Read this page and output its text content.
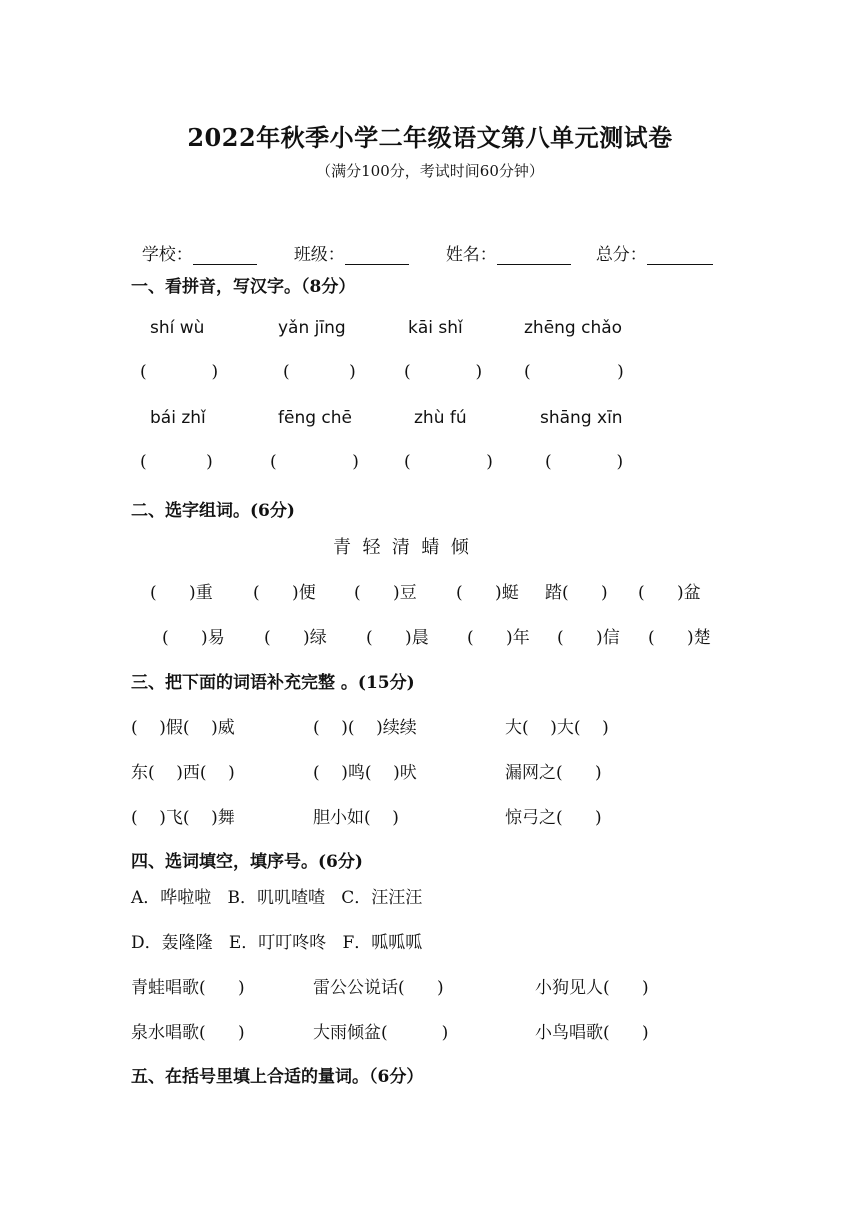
2022年秋季小学二年级语文第八单元测试卷
（满分100分，考试时间60分钟）

学校：	班级：	姓名：	总分：

一、看拼音，写汉字。（8分）
shí wù	yǎn jīng	kāi shǐ	zhēng chǎo
(            )	(           )	(            ) (                )
bái zhǐ	fēng chē	zhù fú	shāng xīn
(           )	(              )	(              )	(            )
二、选字组词。(6分)
青  轻  清  蜻  倾
(      )重 (      )便 (      )豆 (      )蜓 踏(      ) (      )盆
(      )易 (      )绿 (      )晨 (      )年 (      )信 (      )楚
三、把下面的词语补充完整 。(15分)
(    )假(    )威	(    )(    )续续	大(    )大(    )
东(    )西(    )	(    )鸣(    )吠	漏网之(      )
(    )飞(    )舞	胆小如(    )	惊弓之(      )
四、选词填空，填序号。(6分)
A．哗啦啦   B．叽叽喳喳   C．汪汪汪
D．轰隆隆   E．叮叮咚咚   F．呱呱呱
青蛙唱歌(      )	雷公公说话(      )	小狗见人(      )
泉水唱歌(      )	大雨倾盆(          )	小鸟唱歌(      )
五、在括号里填上合适的量词。（6分）
